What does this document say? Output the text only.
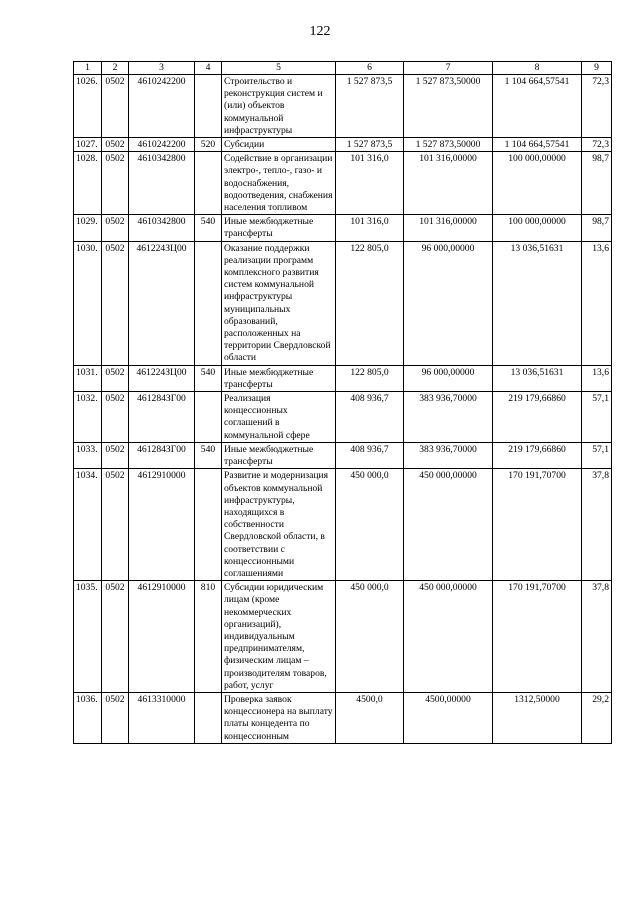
122
1	2	3	4	5	6	7	8	9
1026.	0502	4610242200		Строительство и реконструкция систем и (или) объектов коммунальной инфраструктуры	1 527 873,5	1 527 873,50000	1 104 664,57541	72,3
1027.	0502	4610242200	520	Субсидии	1 527 873,5	1 527 873,50000	1 104 664,57541	72,3
1028.	0502	4610342800		Содействие в организации электро-, тепло-, газо- и водоснабжения, водоотведения, снабжения населения топливом	101 316,0	101 316,00000	100 000,00000	98,7
1029.	0502	4610342800	540	Иные межбюджетные трансферты	101 316,0	101 316,00000	100 000,00000	98,7
1030.	0502	461224ЗЦ00		Оказание поддержки реализации программ комплексного развития систем коммунальной инфраструктуры муниципальных образований, расположенных на территории Свердловской области	122 805,0	96 000,00000	13 036,51631	13,6
1031.	0502	461224ЗЦ00	540	Иные межбюджетные трансферты	122 805,0	96 000,00000	13 036,51631	13,6
1032.	0502	461284ЗГ00		Реализация концессионных соглашений в коммунальной сфере	408 936,7	383 936,70000	219 179,66860	57,1
1033.	0502	461284ЗГ00	540	Иные межбюджетные трансферты	408 936,7	383 936,70000	219 179,66860	57,1
1034.	0502	4612910000		Развитие и модернизация объектов коммунальной инфраструктуры, находящихся в собственности Свердловской области, в соответствии с концессионными соглашениями	450 000,0	450 000,00000	170 191,70700	37,8
1035.	0502	4612910000	810	Субсидии юридическим лицам (кроме некоммерческих организаций), индивидуальным предпринимателям, физическим лицам – производителям товаров, работ, услуг	450 000,0	450 000,00000	170 191,70700	37,8
1036.	0502	4613310000		Проверка заявок концессионера на выплату платы концедента по концессионным	4500,0	4500,00000	1312,50000	29,2
